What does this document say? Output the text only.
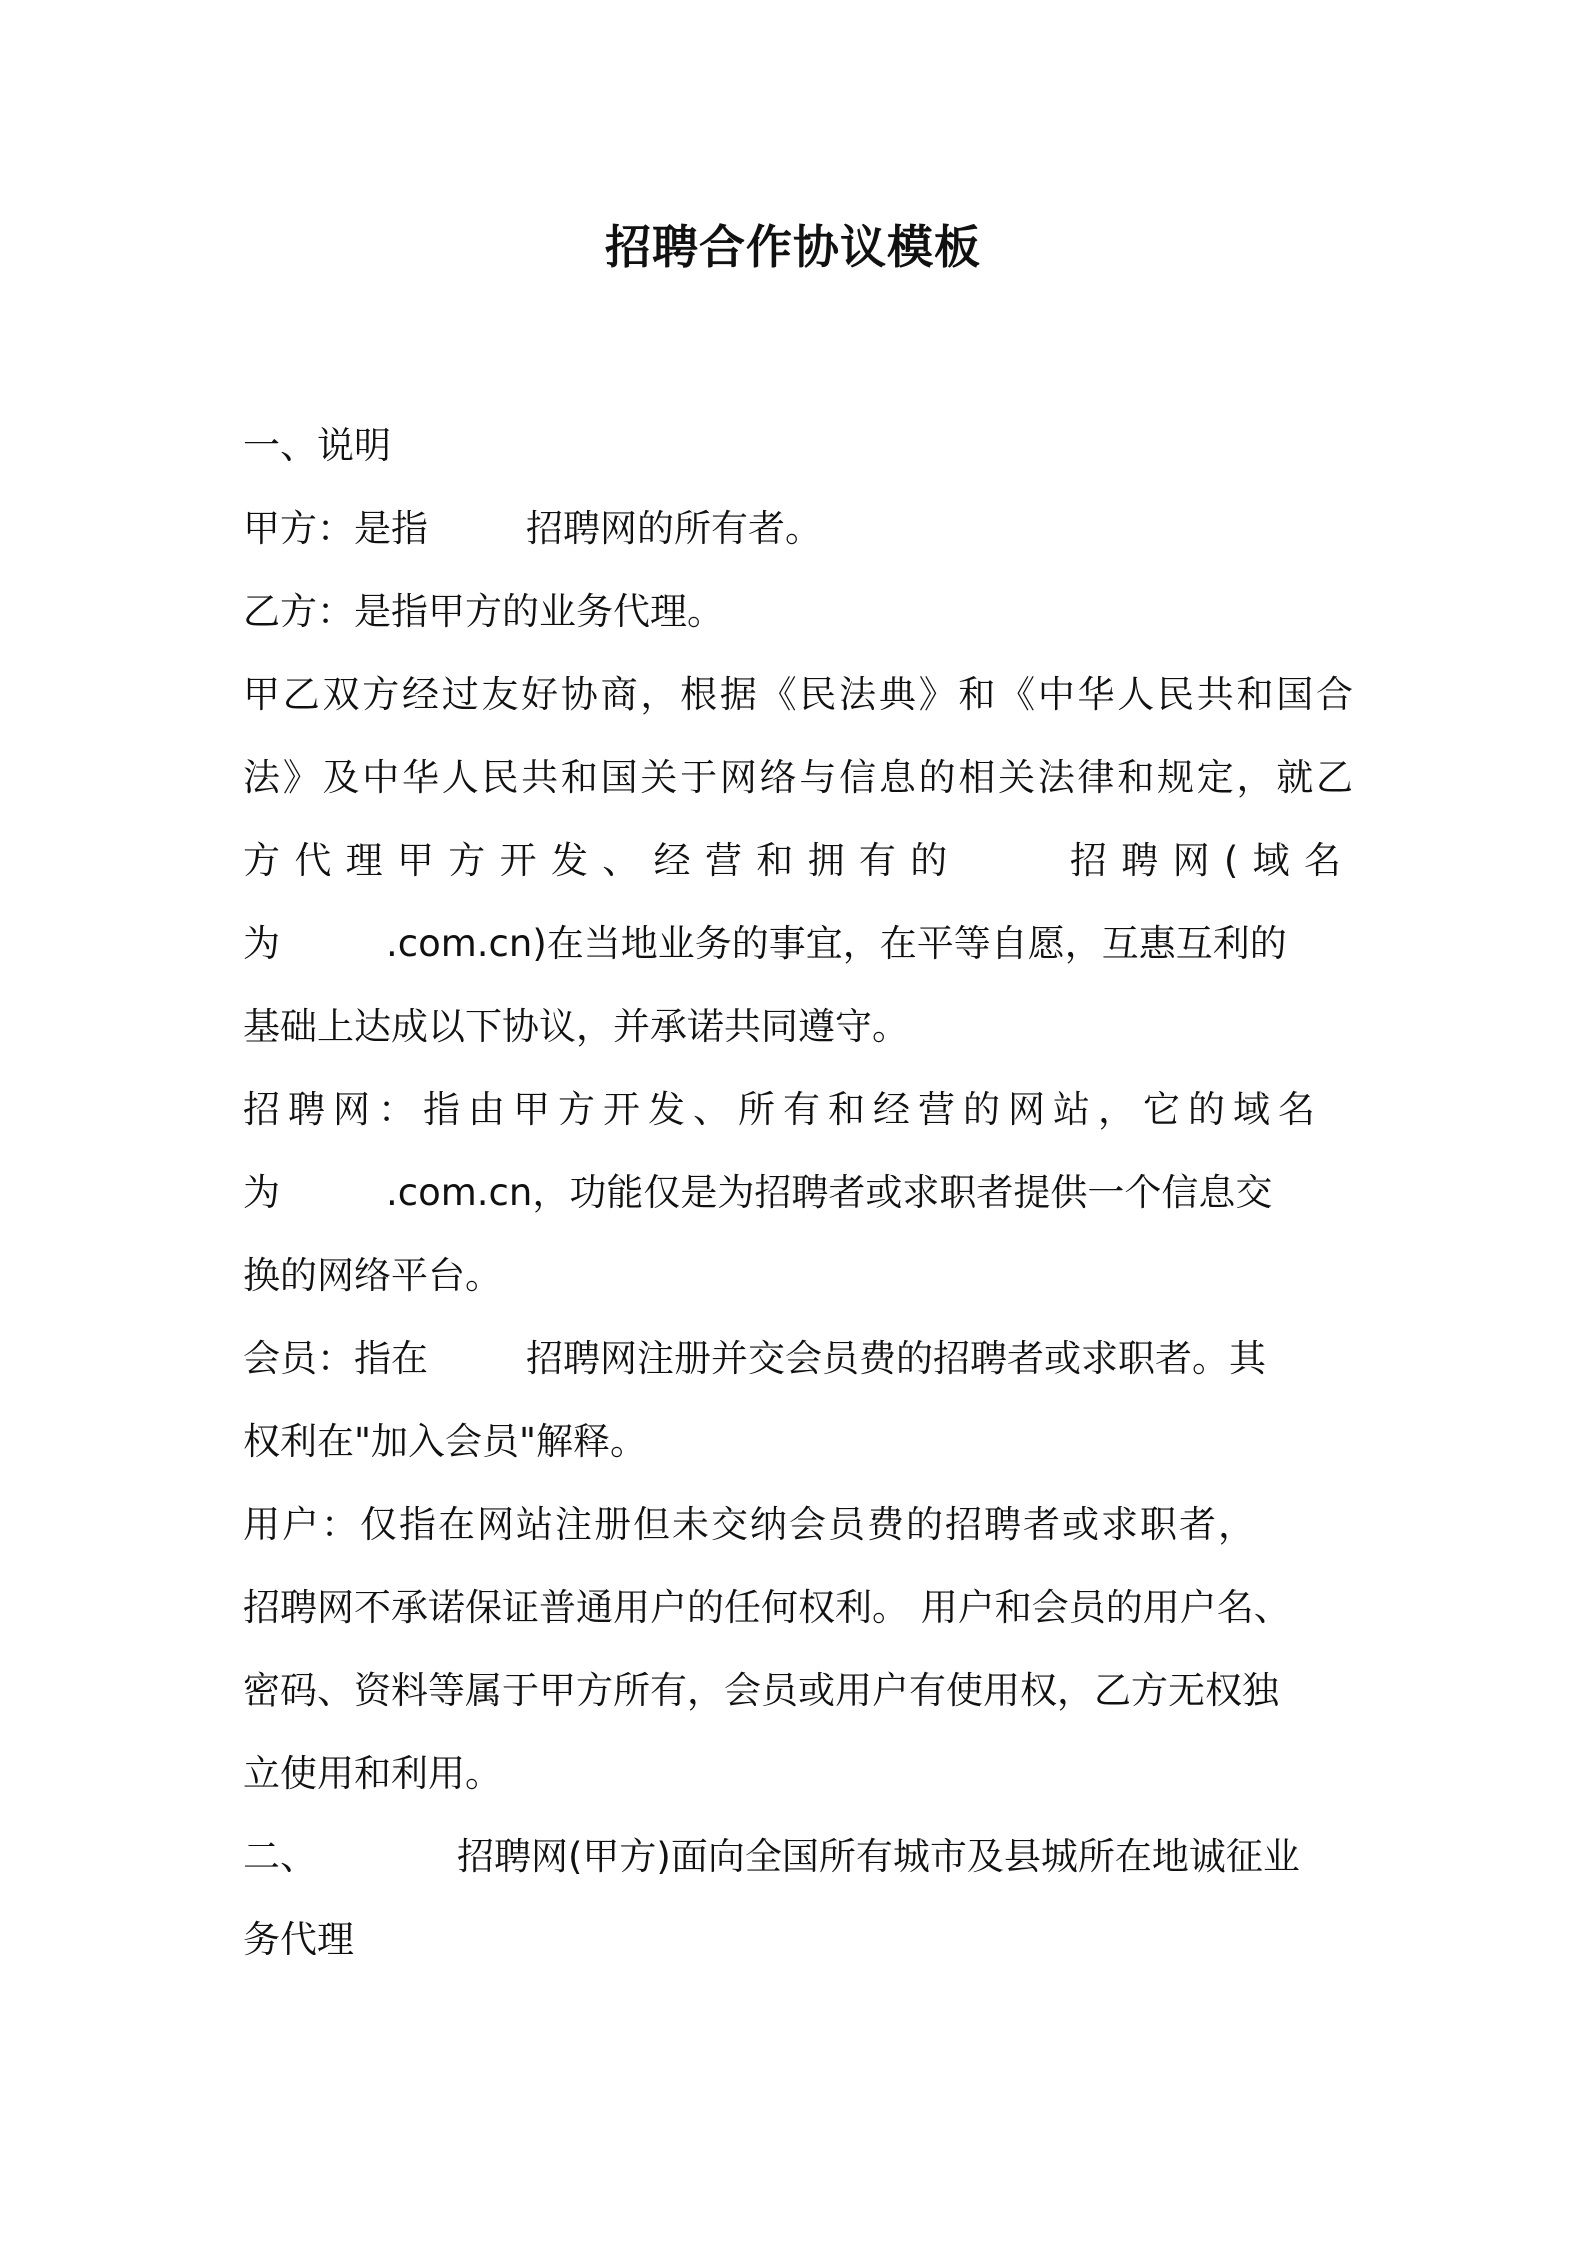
招聘合作协议模板
一、说明
甲方：是指	招聘网的所有者。
乙方：是指甲方的业务代理。
甲乙双方经过友好协商，根据《民法典》和《中华人民共和国合
法》及中华人民共和国关于网络与信息的相关法律和规定，就乙
方代理甲方开发、经营和拥有的	招聘网(域名
为	.com.cn)在当地业务的事宜，在平等自愿，互惠互利的
基础上达成以下协议，并承诺共同遵守。
招聘网：指由甲方开发、所有和经营的网站，它的域名
为	.com.cn，功能仅是为招聘者或求职者提供一个信息交
换的网络平台。
会员：指在	招聘网注册并交会员费的招聘者或求职者。其
权利在"加入会员"解释。
用户：仅指在网站注册但未交纳会员费的招聘者或求职者，
招聘网不承诺保证普通用户的任何权利。 用户和会员的用户名、
密码、资料等属于甲方所有，会员或用户有使用权，乙方无权独
立使用和利用。
二、	招聘网(甲方)面向全国所有城市及县城所在地诚征业
务代理
